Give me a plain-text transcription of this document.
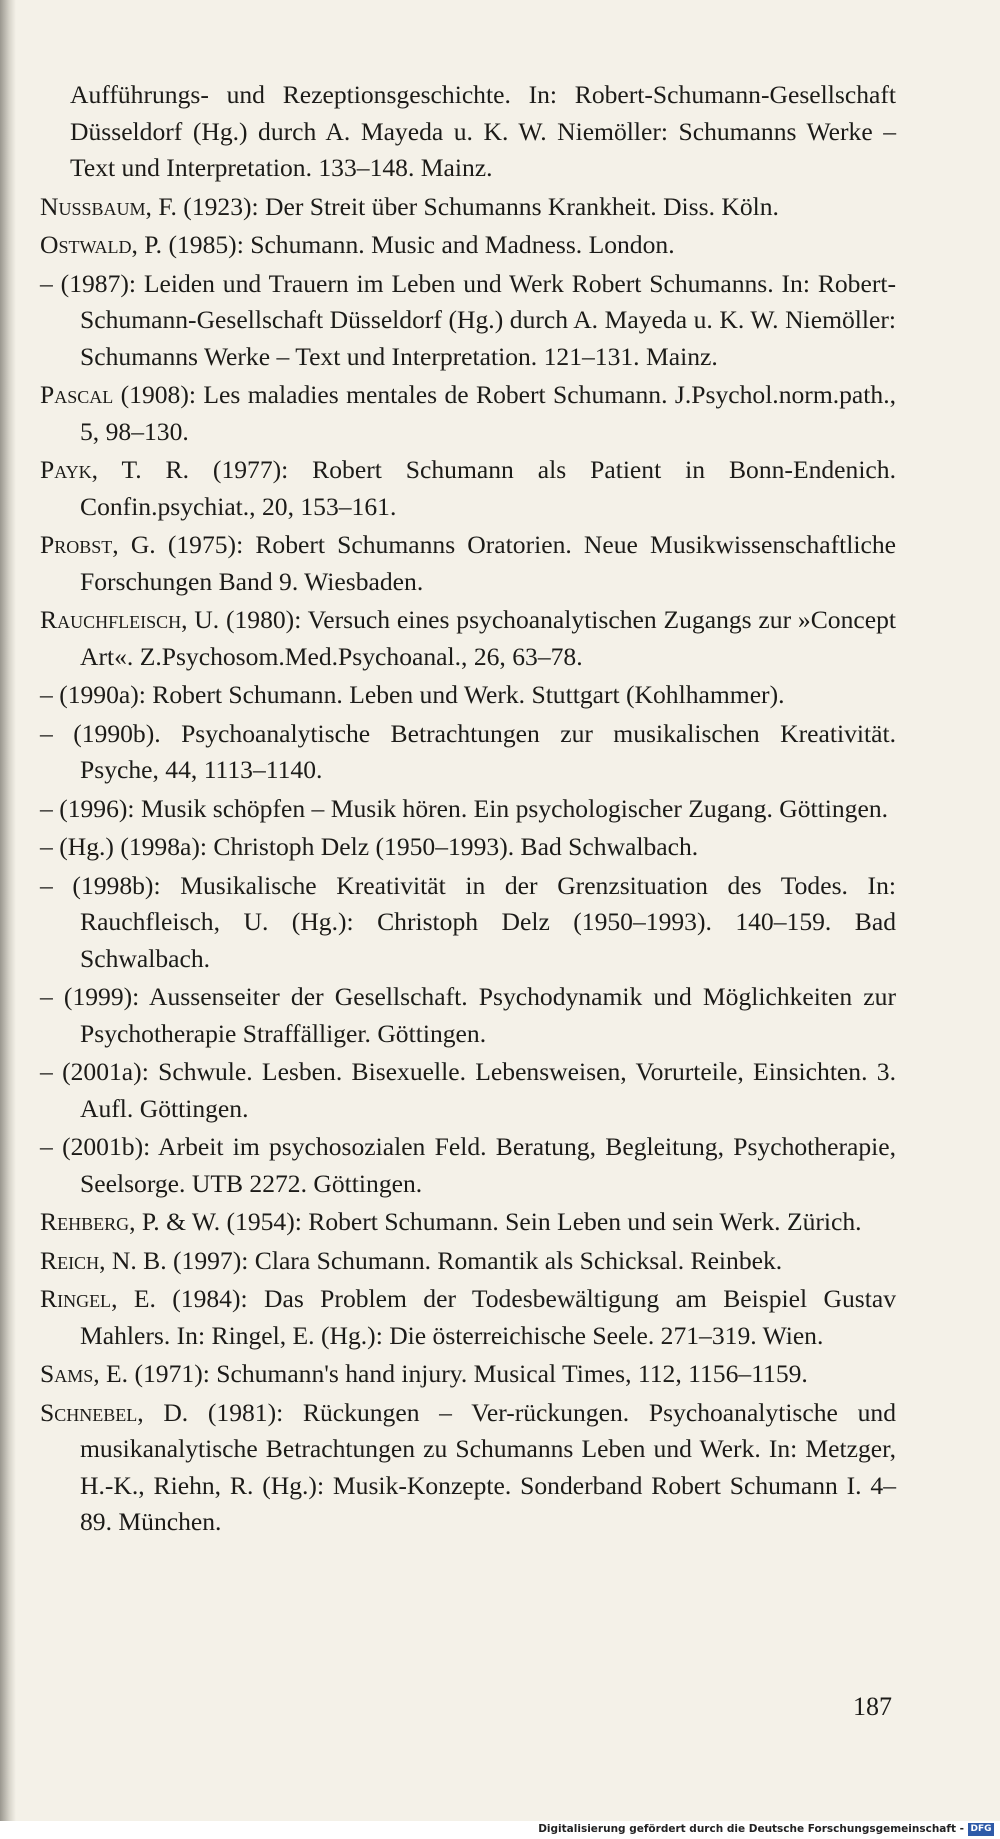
Aufführungs- und Rezeptionsgeschichte. In: Robert-Schumann-Gesellschaft Düsseldorf (Hg.) durch A. Mayeda u. K. W. Niemöller: Schumanns Werke – Text und Interpretation. 133–148. Mainz.

Nussbaum, F. (1923): Der Streit über Schumanns Krankheit. Diss. Köln.

Ostwald, P. (1985): Schumann. Music and Madness. London.

– (1987): Leiden und Trauern im Leben und Werk Robert Schumanns. In: Robert-Schumann-Gesellschaft Düsseldorf (Hg.) durch A. Mayeda u. K. W. Niemöller: Schumanns Werke – Text und Interpretation. 121–131. Mainz.

Pascal (1908): Les maladies mentales de Robert Schumann. J.Psychol.norm.path., 5, 98–130.

Payk, T. R. (1977): Robert Schumann als Patient in Bonn-Endenich. Confin.psychiat., 20, 153–161.

Probst, G. (1975): Robert Schumanns Oratorien. Neue Musikwissenschaftliche Forschungen Band 9. Wiesbaden.

Rauchfleisch, U. (1980): Versuch eines psychoanalytischen Zugangs zur »Concept Art«. Z.Psychosom.Med.Psychoanal., 26, 63–78.

– (1990a): Robert Schumann. Leben und Werk. Stuttgart (Kohlhammer).

– (1990b). Psychoanalytische Betrachtungen zur musikalischen Kreativität. Psyche, 44, 1113–1140.

– (1996): Musik schöpfen – Musik hören. Ein psychologischer Zugang. Göttingen.

– (Hg.) (1998a): Christoph Delz (1950–1993). Bad Schwalbach.

– (1998b): Musikalische Kreativität in der Grenzsituation des Todes. In: Rauchfleisch, U. (Hg.): Christoph Delz (1950–1993). 140–159. Bad Schwalbach.

– (1999): Aussenseiter der Gesellschaft. Psychodynamik und Möglichkeiten zur Psychotherapie Straffälliger. Göttingen.

– (2001a): Schwule. Lesben. Bisexuelle. Lebensweisen, Vorurteile, Einsichten. 3. Aufl. Göttingen.

– (2001b): Arbeit im psychosozialen Feld. Beratung, Begleitung, Psychotherapie, Seelsorge. UTB 2272. Göttingen.

Rehberg, P. & W. (1954): Robert Schumann. Sein Leben und sein Werk. Zürich.

Reich, N. B. (1997): Clara Schumann. Romantik als Schicksal. Reinbek.

Ringel, E. (1984): Das Problem der Todesbewältigung am Beispiel Gustav Mahlers. In: Ringel, E. (Hg.): Die österreichische Seele. 271–319. Wien.

Sams, E. (1971): Schumann's hand injury. Musical Times, 112, 1156–1159.

Schnebel, D. (1981): Rückungen – Ver-rückungen. Psychoanalytische und musikanalytische Betrachtungen zu Schumanns Leben und Werk. In: Metzger, H.-K., Riehn, R. (Hg.): Musik-Konzepte. Sonderband Robert Schumann I. 4–89. München.

187
Digitalisierung gefördert durch die Deutsche Forschungsgemeinschaft - DFG
